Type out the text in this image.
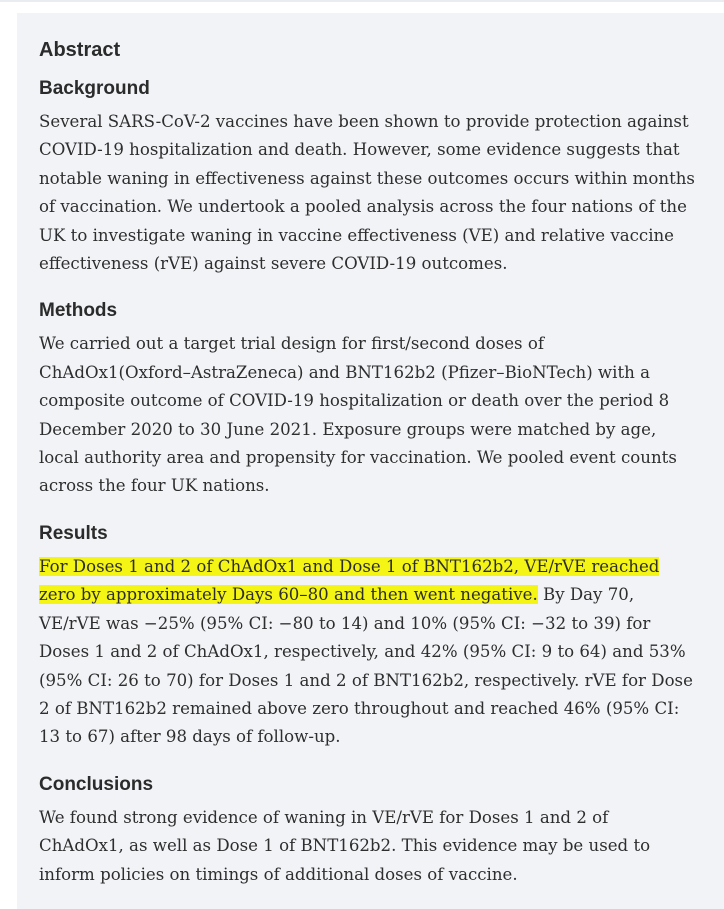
Abstract
Background

Several SARS-CoV-2 vaccines have been shown to provide protection against COVID-19 hospitalization and death. However, some evidence suggests that notable waning in effectiveness against these outcomes occurs within months of vaccination. We undertook a pooled analysis across the four nations of the UK to investigate waning in vaccine effectiveness (VE) and relative vaccine effectiveness (rVE) against severe COVID-19 outcomes.

Methods

We carried out a target trial design for first/second doses of ChAdOx1(Oxford–AstraZeneca) and BNT162b2 (Pfizer–BioNTech) with a composite outcome of COVID-19 hospitalization or death over the period 8 December 2020 to 30 June 2021. Exposure groups were matched by age, local authority area and propensity for vaccination. We pooled event counts across the four UK nations.

Results

For Doses 1 and 2 of ChAdOx1 and Dose 1 of BNT162b2, VE/rVE reached zero by approximately Days 60–80 and then went negative. By Day 70, VE/rVE was −25% (95% CI: −80 to 14) and 10% (95% CI: −32 to 39) for Doses 1 and 2 of ChAdOx1, respectively, and 42% (95% CI: 9 to 64) and 53% (95% CI: 26 to 70) for Doses 1 and 2 of BNT162b2, respectively. rVE for Dose 2 of BNT162b2 remained above zero throughout and reached 46% (95% CI: 13 to 67) after 98 days of follow-up.

Conclusions

We found strong evidence of waning in VE/rVE for Doses 1 and 2 of ChAdOx1, as well as Dose 1 of BNT162b2. This evidence may be used to inform policies on timings of additional doses of vaccine.
